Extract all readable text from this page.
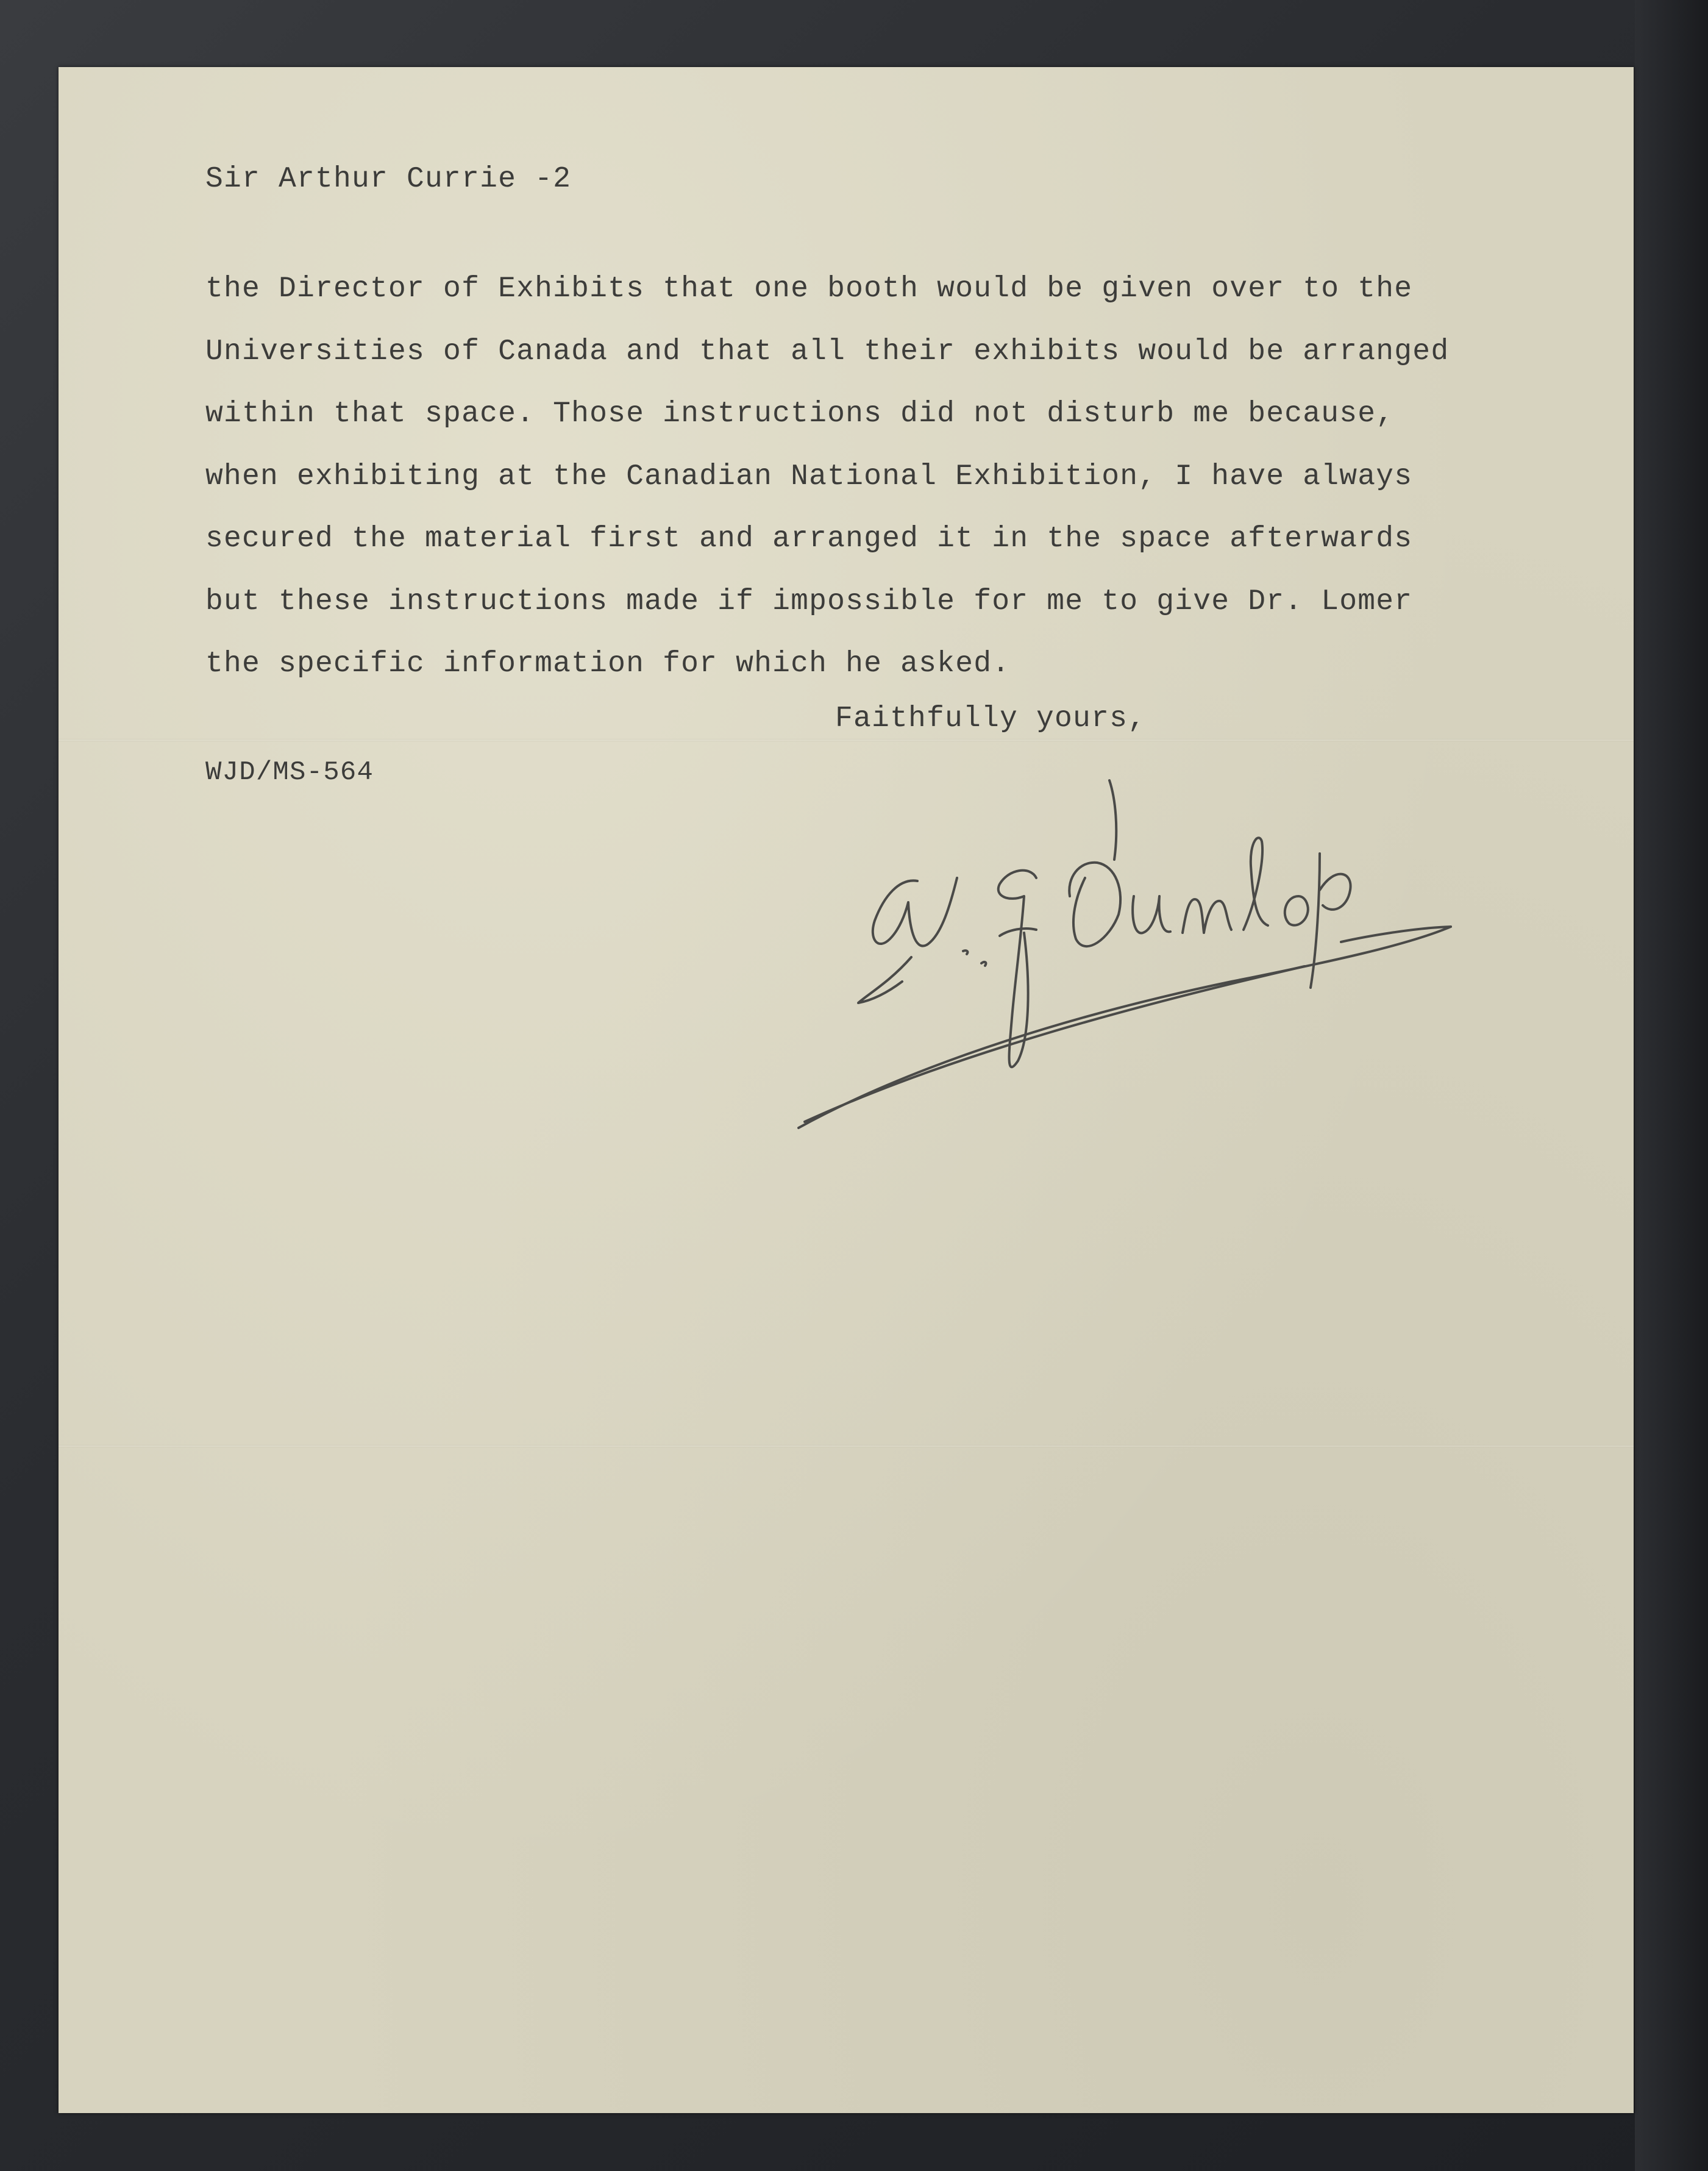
Sir Arthur Currie -2
the Director of Exhibits that one booth would be given over to the
Universities of Canada and that all their exhibits would be arranged
within that space. Those instructions did not disturb me because,
when exhibiting at the Canadian National Exhibition, I have always
secured the material first and arranged it in the space afterwards
but these instructions made if impossible for me to give Dr. Lomer
the specific information for which he asked.
Faithfully yours,
WJD/MS-564
